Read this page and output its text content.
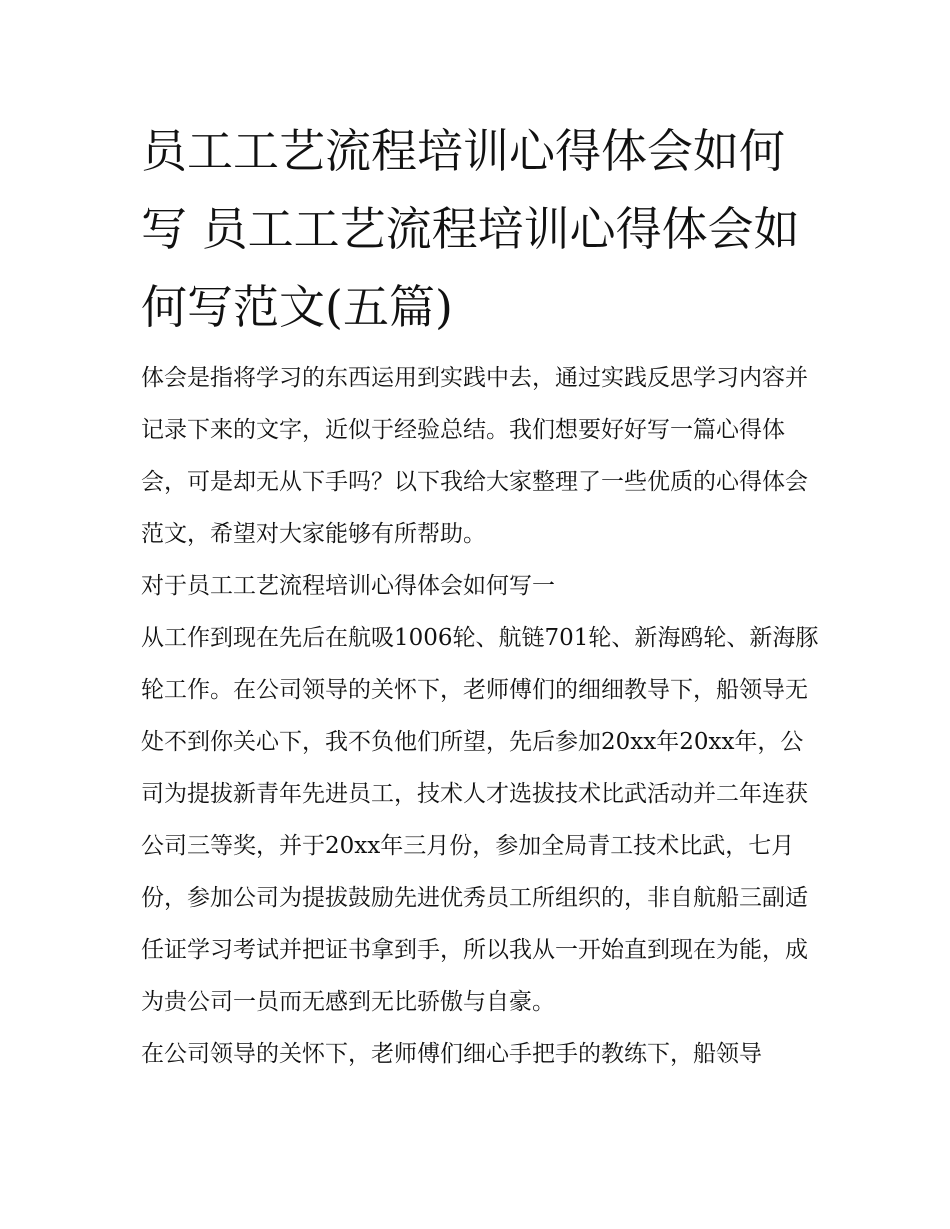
员工工艺流程培训心得体会如何写 员工工艺流程培训心得体会如何写范文(五篇)

体会是指将学习的东西运用到实践中去，通过实践反思学习内容并记录下来的文字，近似于经验总结。我们想要好好写一篇心得体会，可是却无从下手吗？以下我给大家整理了一些优质的心得体会范文，希望对大家能够有所帮助。

对于员工工艺流程培训心得体会如何写一

从工作到现在先后在航吸1006轮、航链701轮、新海鸥轮、新海豚轮工作。在公司领导的关怀下，老师傅们的细细教导下，船领导无处不到你关心下，我不负他们所望，先后参加20xx年20xx年，公司为提拔新青年先进员工，技术人才选拔技术比武活动并二年连获公司三等奖，并于20xx年三月份，参加全局青工技术比武，七月份，参加公司为提拔鼓励先进优秀员工所组织的，非自航船三副适任证学习考试并把证书拿到手，所以我从一开始直到现在为能，成为贵公司一员而无感到无比骄傲与自豪。

在公司领导的关怀下，老师傅们细心手把手的教练下，船领导
